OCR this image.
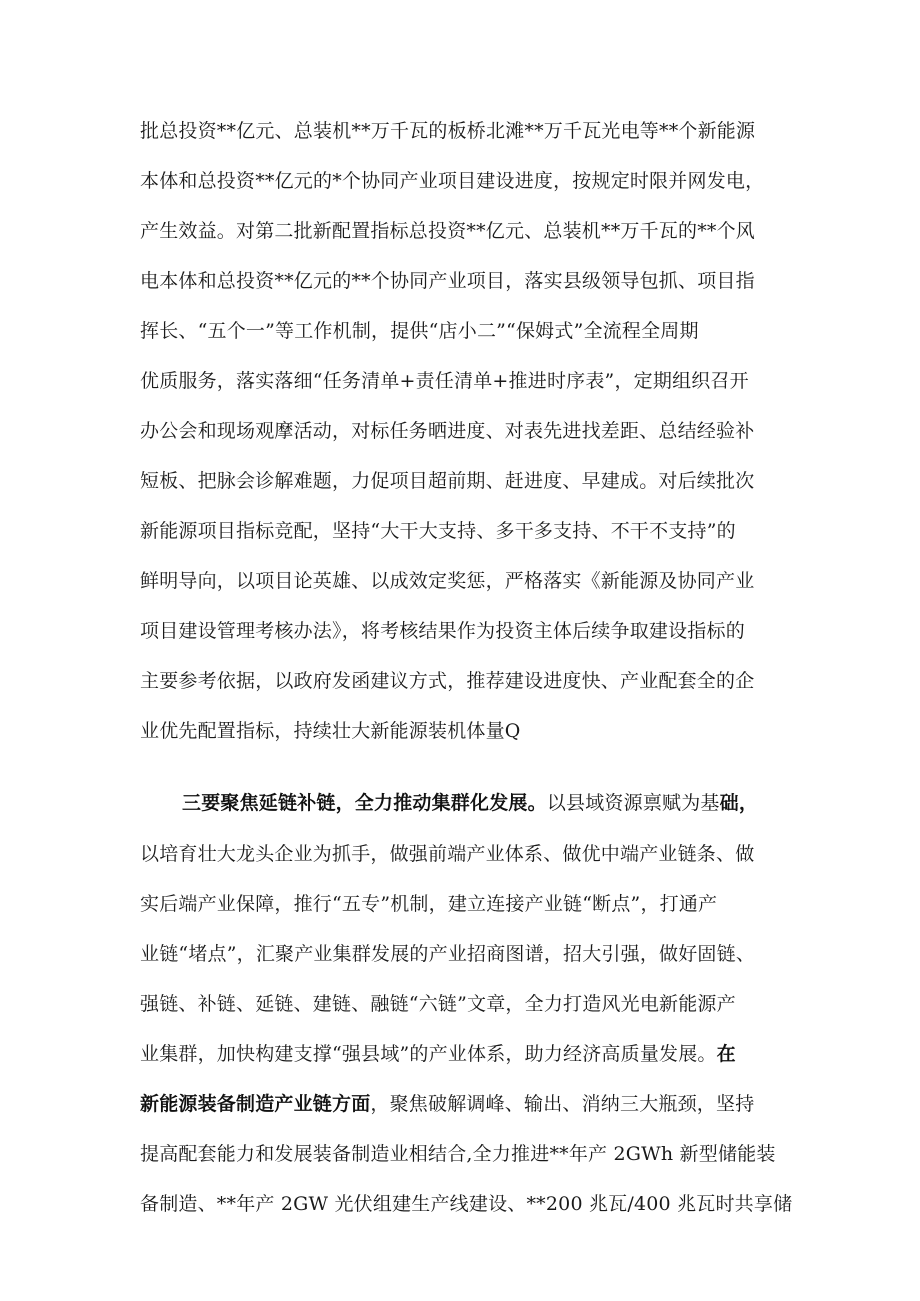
批总投资**亿元、总装机**万千瓦的板桥北滩**万千瓦光电等**个新能源
本体和总投资**亿元的*个协同产业项目建设进度，按规定时限并网发电，
产生效益。对第二批新配置指标总投资**亿元、总装机**万千瓦的**个风
电本体和总投资**亿元的**个协同产业项目，落实县级领导包抓、项目指
挥长、“五个一”等工作机制，提供“店小二”“保姆式”全流程全周期
优质服务，落实落细“任务清单+责任清单+推进时序表”，定期组织召开
办公会和现场观摩活动，对标任务晒进度、对表先进找差距、总结经验补
短板、把脉会诊解难题，力促项目超前期、赶进度、早建成。对后续批次
新能源项目指标竞配，坚持“大干大支持、多干多支持、不干不支持”的
鲜明导向，以项目论英雄、以成效定奖惩，严格落实《新能源及协同产业
项目建设管理考核办法》，将考核结果作为投资主体后续争取建设指标的
主要参考依据，以政府发函建议方式，推荐建设进度快、产业配套全的企
业优先配置指标，持续壮大新能源装机体量Q
三要聚焦延链补链，全力推动集群化发展。以县域资源禀赋为基础，
以培育壮大龙头企业为抓手，做强前端产业体系、做优中端产业链条、做
实后端产业保障，推行“五专”机制，建立连接产业链“断点”，打通产
业链“堵点”，汇聚产业集群发展的产业招商图谱，招大引强，做好固链、
强链、补链、延链、建链、融链“六链”文章，全力打造风光电新能源产
业集群，加快构建支撑“强县域”的产业体系，助力经济高质量发展。在
新能源装备制造产业链方面，聚焦破解调峰、输出、消纳三大瓶颈，坚持
提高配套能力和发展装备制造业相结合,全力推进**年产 2GWh 新型储能装
备制造、**年产 2GW 光伏组建生产线建设、**200 兆瓦/400 兆瓦时共享储
